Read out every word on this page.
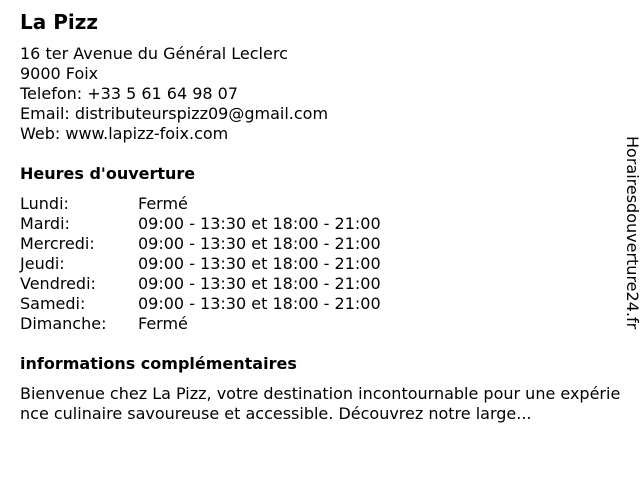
La Pizz
16 ter Avenue du Général Leclerc
9000 Foix
Telefon: +33 5 61 64 98 07
Email: distributeurspizz09@gmail.com
Web: www.lapizz-foix.com
Heures d'ouverture
Lundi:	Fermé
Mardi:	09:00 - 13:30 et 18:00 - 21:00
Mercredi:	09:00 - 13:30 et 18:00 - 21:00
Jeudi:	09:00 - 13:30 et 18:00 - 21:00
Vendredi:	09:00 - 13:30 et 18:00 - 21:00
Samedi:	09:00 - 13:30 et 18:00 - 21:00
Dimanche: Fermé
informations complémentaires
Bienvenue chez La Pizz, votre destination incontournable pour une expérience culinaire savoureuse et accessible. Découvrez notre large...
Horairesdouverture24.fr
